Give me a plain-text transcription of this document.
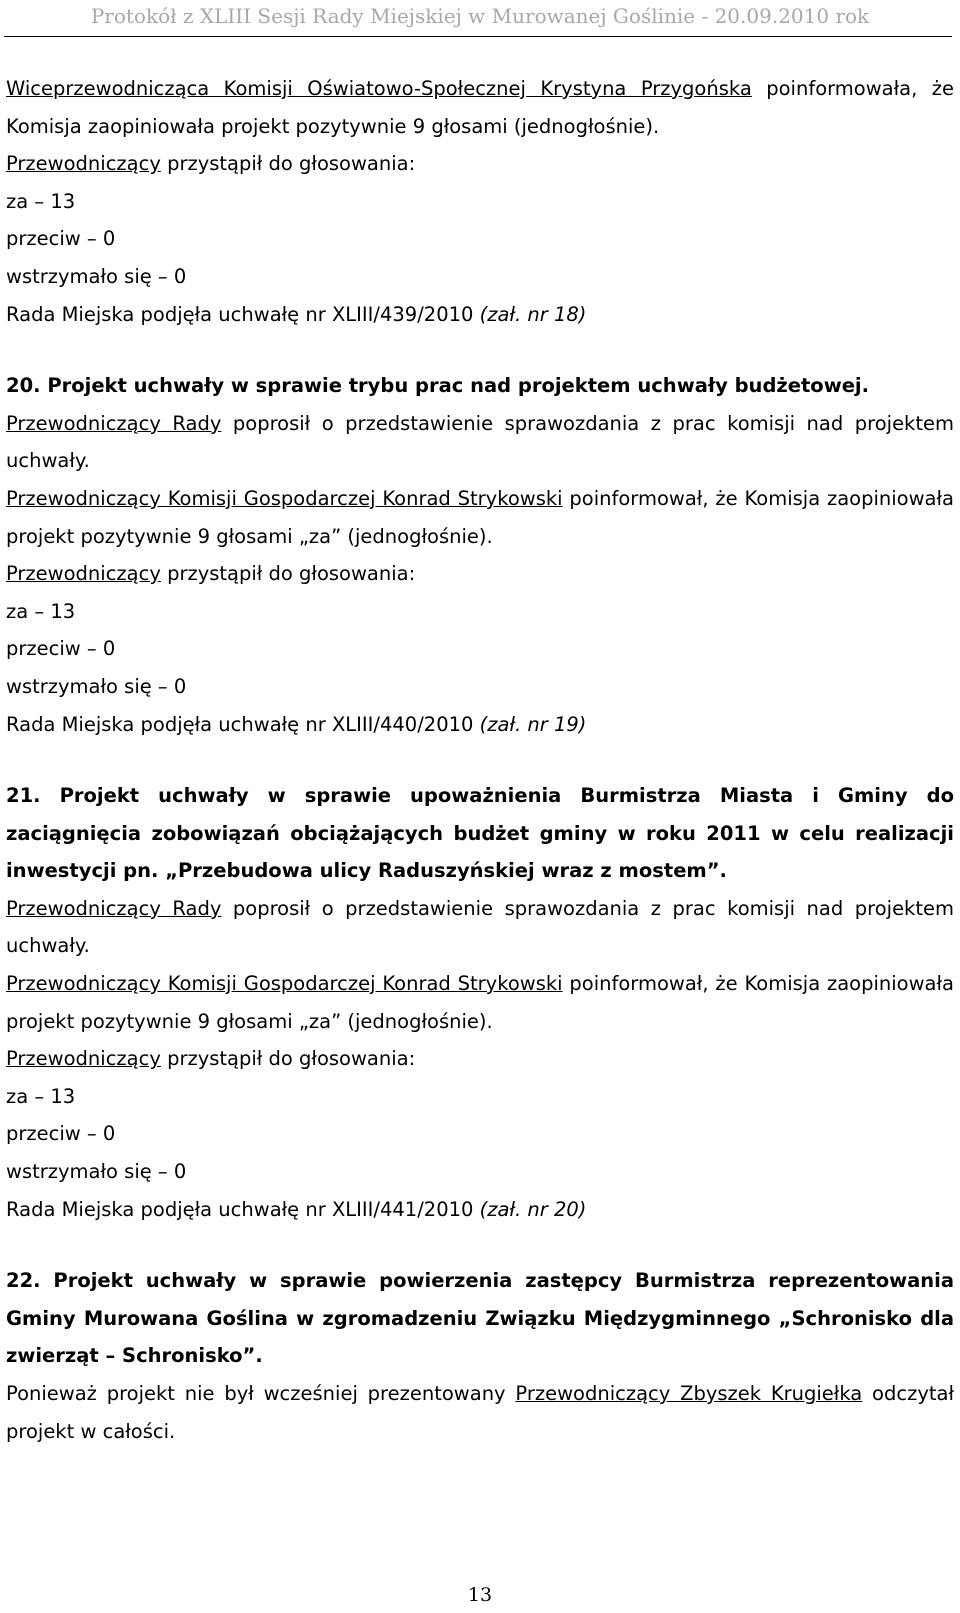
Protokół z XLIII Sesji Rady Miejskiej w Murowanej Goślinie - 20.09.2010 rok

Wiceprzewodnicząca Komisji Oświatowo-Społecznej Krystyna Przygońska poinformowała, że Komisja zaopiniowała projekt pozytywnie 9 głosami (jednogłośnie).

Przewodniczący przystąpił do głosowania:

za – 13

przeciw – 0

wstrzymało się – 0

Rada Miejska podjęła uchwałę nr XLIII/439/2010 (zał. nr 18)

20. Projekt uchwały w sprawie trybu prac nad projektem uchwały budżetowej.

Przewodniczący Rady poprosił o przedstawienie sprawozdania z prac komisji nad projektem uchwały.

Przewodniczący Komisji Gospodarczej Konrad Strykowski poinformował, że Komisja zaopiniowała projekt pozytywnie 9 głosami „za” (jednogłośnie).

Przewodniczący przystąpił do głosowania:

za – 13

przeciw – 0

wstrzymało się – 0

Rada Miejska podjęła uchwałę nr XLIII/440/2010 (zał. nr 19)

21. Projekt uchwały w sprawie upoważnienia Burmistrza Miasta i Gminy do zaciągnięcia zobowiązań obciążających budżet gminy w roku 2011 w celu realizacji inwestycji pn. „Przebudowa ulicy Raduszyńskiej wraz z mostem”.

Przewodniczący Rady poprosił o przedstawienie sprawozdania z prac komisji nad projektem uchwały.

Przewodniczący Komisji Gospodarczej Konrad Strykowski poinformował, że Komisja zaopiniowała projekt pozytywnie 9 głosami „za” (jednogłośnie).

Przewodniczący przystąpił do głosowania:

za – 13

przeciw – 0

wstrzymało się – 0

Rada Miejska podjęła uchwałę nr XLIII/441/2010 (zał. nr 20)

22. Projekt uchwały w sprawie powierzenia zastępcy Burmistrza reprezentowania Gminy Murowana Goślina w zgromadzeniu Związku Międzygminnego „Schronisko dla zwierząt – Schronisko”.

Ponieważ projekt nie był wcześniej prezentowany Przewodniczący Zbyszek Krugiełka odczytał projekt w całości.

13
